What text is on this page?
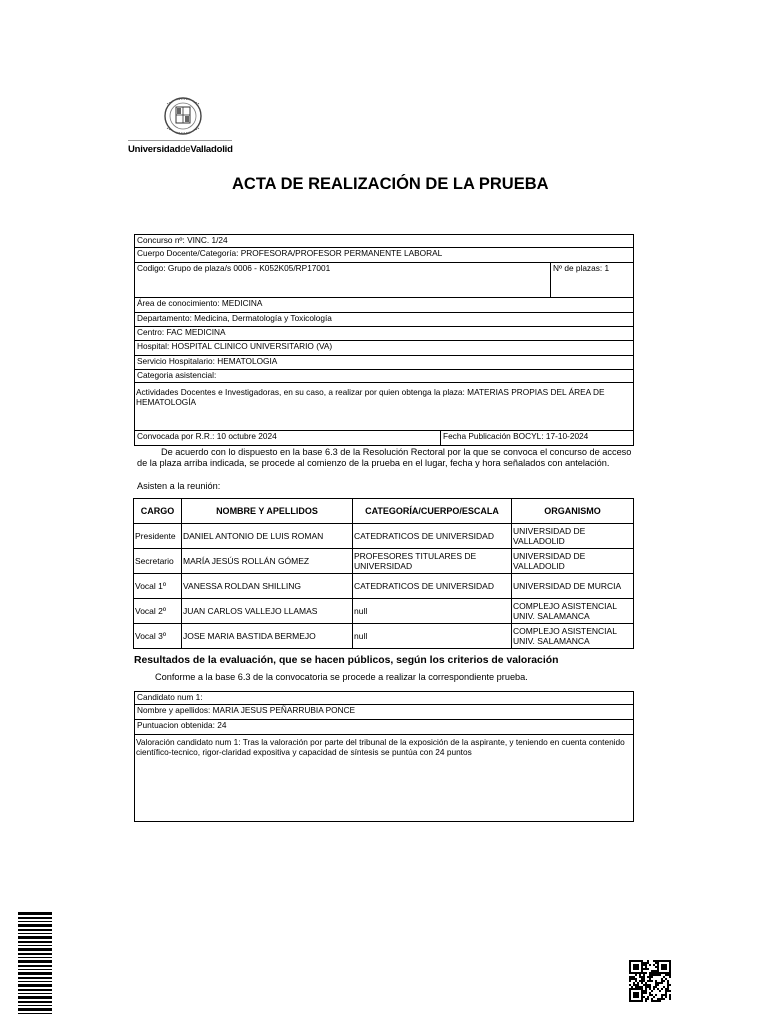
UniversidaddeValladolid
ACTA DE REALIZACIÓN DE LA PRUEBA
Concurso nº: VINC. 1/24
Cuerpo Docente/Categoría: PROFESORA/PROFESOR PERMANENTE LABORAL
Codigo: Grupo de plaza/s 0006 - K052K05/RP17001	Nº de plazas: 1
Área de conocimiento: MEDICINA
Departamento: Medicina, Dermatología y Toxicología
Centro: FAC MEDICINA
Hospital: HOSPITAL CLINICO UNIVERSITARIO (VA)
Servicio Hospitalario: HEMATOLOGIA
Categoria asistencial:
Actividades Docentes e Investigadoras, en su caso, a realizar por quien obtenga la plaza: MATERIAS PROPIAS DEL ÁREA DE HEMATOLOGÍA
Convocada por R.R.: 10 octubre 2024	Fecha Publicación BOCYL: 17-10-2024
De acuerdo con lo dispuesto en la base 6.3 de la Resolución Rectoral por la que se convoca el concurso de acceso de la plaza arriba indicada, se procede al comienzo de la prueba en el lugar, fecha y hora señalados con antelación.
Asisten a la reunión:
CARGO	NOMBRE Y APELLIDOS	CATEGORÍA/CUERPO/ESCALA	ORGANISMO
Presidente	DANIEL ANTONIO DE LUIS ROMAN	CATEDRATICOS DE UNIVERSIDAD	UNIVERSIDAD DE VALLADOLID
Secretario	MARÍA JESÚS ROLLÁN GÓMEZ	PROFESORES TITULARES DE UNIVERSIDAD	UNIVERSIDAD DE VALLADOLID
Vocal 1º	VANESSA ROLDAN SHILLING	CATEDRATICOS DE UNIVERSIDAD	UNIVERSIDAD DE MURCIA
Vocal 2º	JUAN CARLOS VALLEJO LLAMAS	null	COMPLEJO ASISTENCIAL UNIV. SALAMANCA
Vocal 3º	JOSE MARIA BASTIDA BERMEJO	null	COMPLEJO ASISTENCIAL UNIV. SALAMANCA
Resultados de la evaluación, que se hacen públicos, según los criterios de valoración
Conforme a la base 6.3 de la convocatoria se procede a realizar la correspondiente prueba.
Candidato num 1:
Nombre y apellidos: MARIA JESUS PEÑARRUBIA PONCE
Puntuacion obtenida: 24
Valoración candidato num 1: Tras la valoración por parte del tribunal de la exposición de la aspirante, y teniendo en cuenta contenido científico-tecnico, rigor-claridad expositiva y capacidad de síntesis se puntúa con 24 puntos
